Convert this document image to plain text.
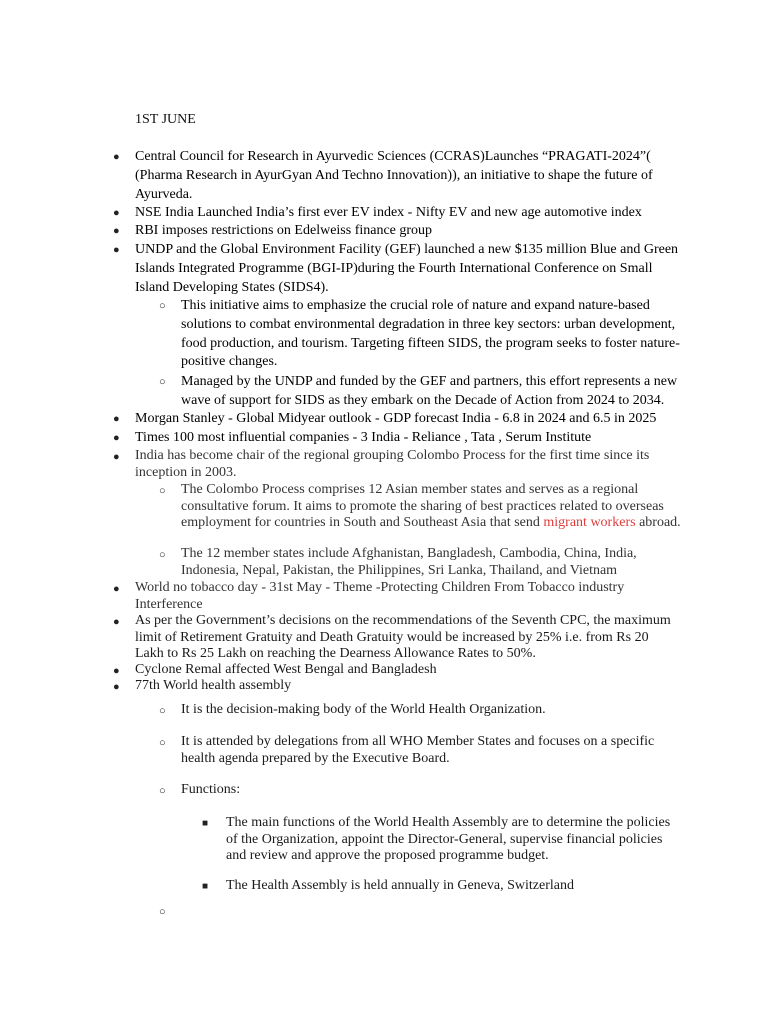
1ST JUNE
● Central Council for Research in Ayurvedic Sciences (CCRAS)Launches “PRAGATI-2024”( (Pharma Research in AyurGyan And Techno Innovation)), an initiative to shape the future of Ayurveda.
● NSE India Launched India’s first ever EV index - Nifty EV and new age automotive index
● RBI imposes restrictions on Edelweiss finance group
● UNDP and the Global Environment Facility (GEF) launched a new $135 million Blue and Green Islands Integrated Programme (BGI-IP)during the Fourth International Conference on Small Island Developing States (SIDS4).
○ This initiative aims to emphasize the crucial role of nature and expand nature-based solutions to combat environmental degradation in three key sectors: urban development, food production, and tourism. Targeting fifteen SIDS, the program seeks to foster nature-positive changes.
○ Managed by the UNDP and funded by the GEF and partners, this effort represents a new wave of support for SIDS as they embark on the Decade of Action from 2024 to 2034.
● Morgan Stanley - Global Midyear outlook - GDP forecast India - 6.8 in 2024 and 6.5 in 2025
● Times 100 most influential companies - 3 India - Reliance , Tata , Serum Institute
● India has become chair of the regional grouping Colombo Process for the first time since its inception in 2003.
○ The Colombo Process comprises 12 Asian member states and serves as a regional consultative forum. It aims to promote the sharing of best practices related to overseas employment for countries in South and Southeast Asia that send migrant workers abroad.
○ The 12 member states include Afghanistan, Bangladesh, Cambodia, China, India, Indonesia, Nepal, Pakistan, the Philippines, Sri Lanka, Thailand, and Vietnam
● World no tobacco day - 31st May - Theme -Protecting Children From Tobacco industry Interference
● As per the Government’s decisions on the recommendations of the Seventh CPC, the maximum limit of Retirement Gratuity and Death Gratuity would be increased by 25% i.e. from Rs 20 Lakh to Rs 25 Lakh on reaching the Dearness Allowance Rates to 50%.
● Cyclone Remal affected West Bengal and Bangladesh
● 77th World health assembly
○ It is the decision-making body of the World Health Organization.
○ It is attended by delegations from all WHO Member States and focuses on a specific health agenda prepared by the Executive Board.
○ Functions:
■ The main functions of the World Health Assembly are to determine the policies of the Organization, appoint the Director-General, supervise financial policies and review and approve the proposed programme budget.
■ The Health Assembly is held annually in Geneva, Switzerland
○
